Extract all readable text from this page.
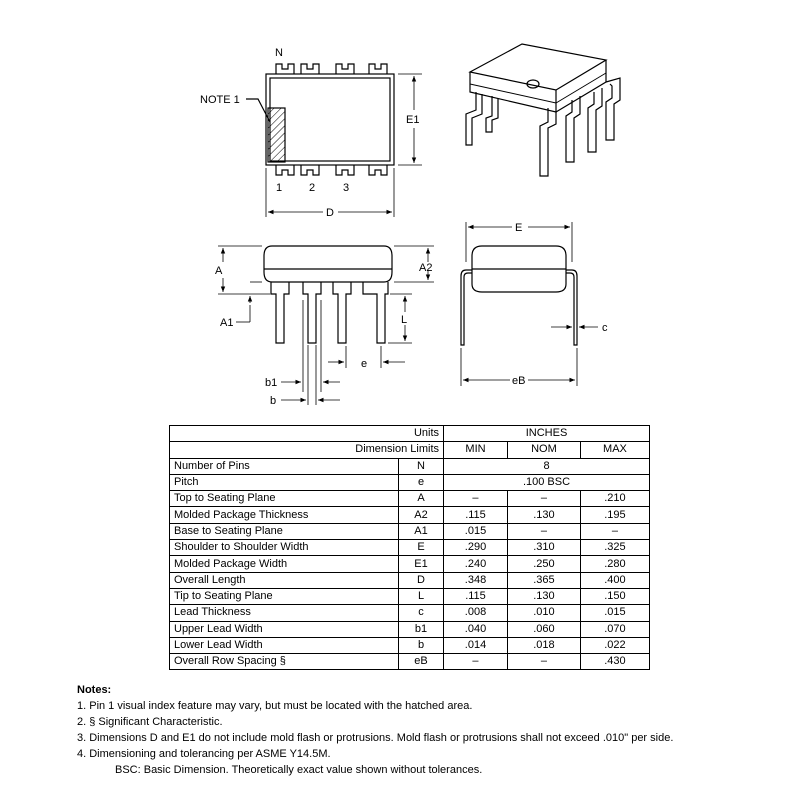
N
NOTE 1
E1
1 2	3
D
A	A2
A1	L
e
b1
b
E
c
eB
Units		INCHES		
Dimension Limits		MIN	NOM	MAX
Number of Pins	N	8		
Pitch	e	.100 BSC		
Top to Seating Plane	A	–	–	.210
Molded Package Thickness	A2	.115	.130	.195
Base to Seating Plane	A1	.015	–	–
Shoulder to Shoulder Width	E	.290	.310	.325
Molded Package Width	E1	.240	.250	.280
Overall Length	D	.348	.365	.400
Tip to Seating Plane	L	.115	.130	.150
Lead Thickness	c	.008	.010	.015
Upper Lead Width	b1	.040	.060	.070
Lower Lead Width	b	.014	.018	.022
Overall Row Spacing §	eB	–	–	.430
Notes:
1. Pin 1 visual index feature may vary, but must be located with the hatched area.
2. § Significant Characteristic.
3. Dimensions D and E1 do not include mold flash or protrusions. Mold flash or protrusions shall not exceed .010" per side.
4. Dimensioning and tolerancing per ASME Y14.5M.
BSC: Basic Dimension. Theoretically exact value shown without tolerances.
